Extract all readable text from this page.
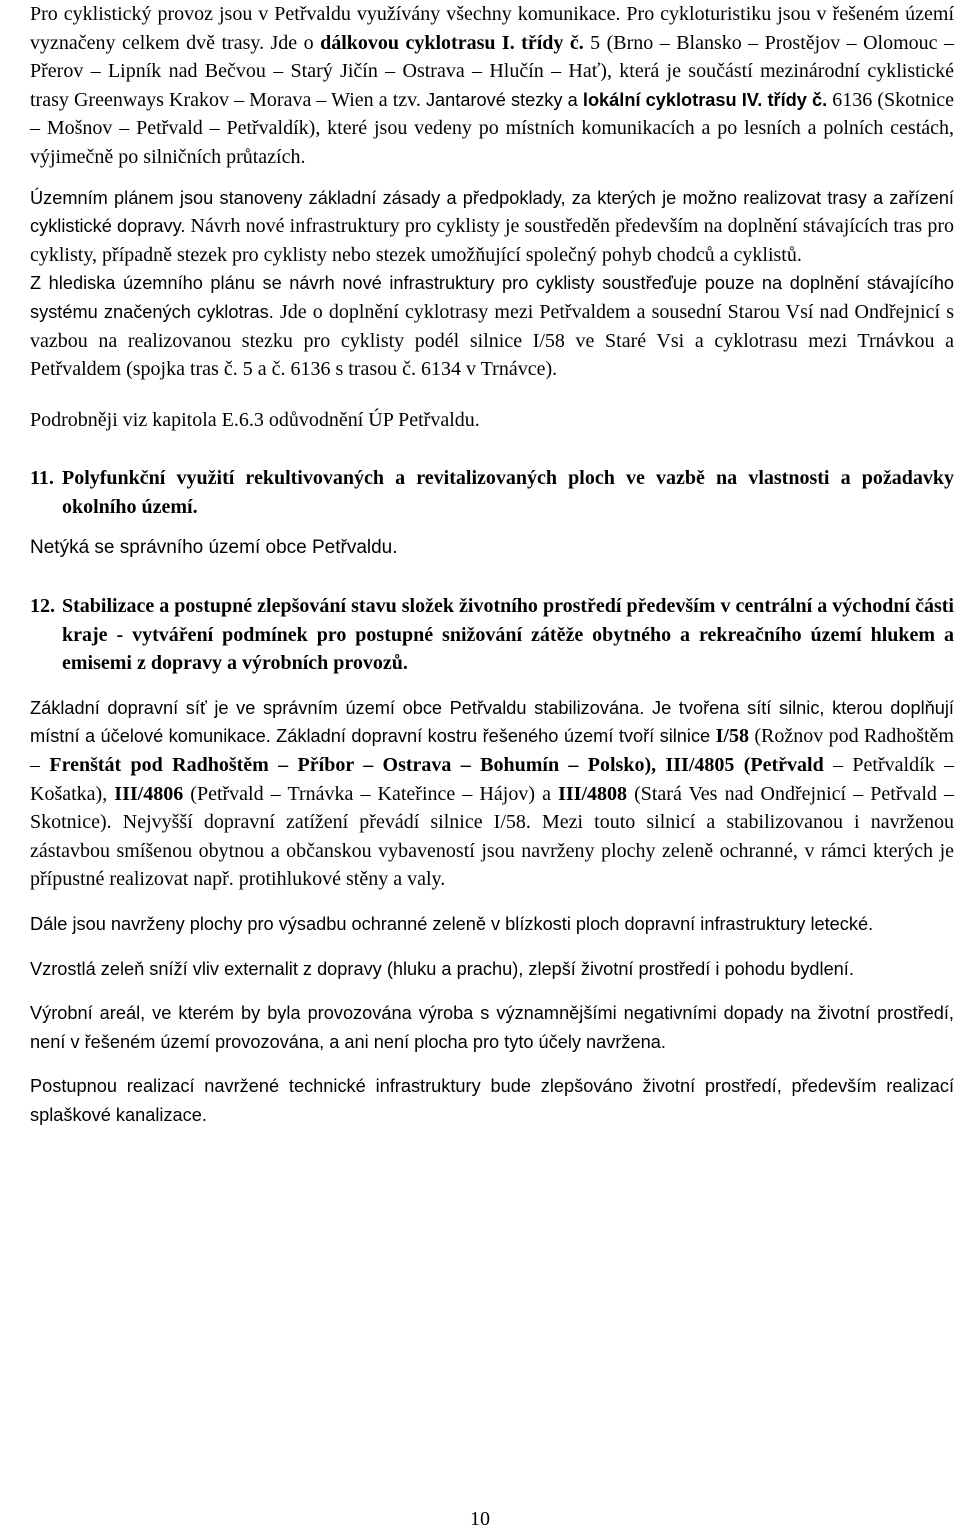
Pro cyklistický provoz jsou v Petřvaldu využívány všechny komunikace. Pro cykloturistiku jsou v řešeném území vyznačeny celkem dvě trasy. Jde o dálkovou cyklotrasu I. třídy č. 5 (Brno – Blansko – Prostějov – Olomouc – Přerov – Lipník nad Bečvou – Starý Jičín – Ostrava – Hlučín – Hať), která je součástí mezinárodní cyklistické trasy Greenways Krakov – Morava – Wien a tzv. Jantarové stezky a lokální cyklotrasu IV. třídy č. 6136 (Skotnice – Mošnov – Petřvald – Petřvaldík), které jsou vedeny po místních komunikacích a po lesních a polních cestách, výjimečně po silničních průtazích.

Územním plánem jsou stanoveny základní zásady a předpoklady, za kterých je možno realizovat trasy a zařízení cyklistické dopravy. Návrh nové infrastruktury pro cyklisty je soustředěn především na doplnění stávajících tras pro cyklisty, případně stezek pro cyklisty nebo stezek umožňující společný pohyb chodců a cyklistů.

Z hlediska územního plánu se návrh nové infrastruktury pro cyklisty soustřeďuje pouze na doplnění stávajícího systému značených cyklotras. Jde o doplnění cyklotrasy mezi Petřvaldem a sousední Starou Vsí nad Ondřejnicí s vazbou na realizovanou stezku pro cyklisty podél silnice I/58 ve Staré Vsi a cyklotrasu mezi Trnávkou a Petřvaldem (spojka tras č. 5 a č. 6136 s trasou č. 6134 v Trnávce).

Podrobněji viz kapitola E.6.3 odůvodnění ÚP Petřvaldu.

11. Polyfunkční využití rekultivovaných a revitalizovaných ploch ve vazbě na vlastnosti a požadavky okolního území.

Netýká se správního území obce Petřvaldu.

12. Stabilizace a postupné zlepšování stavu složek životního prostředí především v centrální a východní části kraje - vytváření podmínek pro postupné snižování zátěže obytného a rekreačního území hlukem a emisemi z dopravy a výrobních provozů.

Základní dopravní síť je ve správním území obce Petřvaldu stabilizována. Je tvořena sítí silnic, kterou doplňují místní a účelové komunikace. Základní dopravní kostru řešeného území tvoří silnice I/58 (Rožnov pod Radhoštěm – Frenštát pod Radhoštěm – Příbor – Ostrava – Bohumín – Polsko), III/4805 (Petřvald – Petřvaldík – Košatka), III/4806 (Petřvald – Trnávka – Kateřince – Hájov) a III/4808 (Stará Ves nad Ondřejnicí – Petřvald – Skotnice). Nejvyšší dopravní zatížení převádí silnice I/58. Mezi touto silnicí a stabilizovanou i navrženou zástavbou smíšenou obytnou a občanskou vybaveností jsou navrženy plochy zeleně ochranné, v rámci kterých je přípustné realizovat např. protihlukové stěny a valy.

Dále jsou navrženy plochy pro výsadbu ochranné zeleně v blízkosti ploch dopravní infrastruktury letecké.

Vzrostlá zeleň sníží vliv externalit z dopravy (hluku a prachu), zlepší životní prostředí i pohodu bydlení.

Výrobní areál, ve kterém by byla provozována výroba s významnějšími negativními dopady na životní prostředí, není v řešeném území provozována, a ani není plocha pro tyto účely navržena.

Postupnou realizací navržené technické infrastruktury bude zlepšováno životní prostředí, především realizací splaškové kanalizace.

10
